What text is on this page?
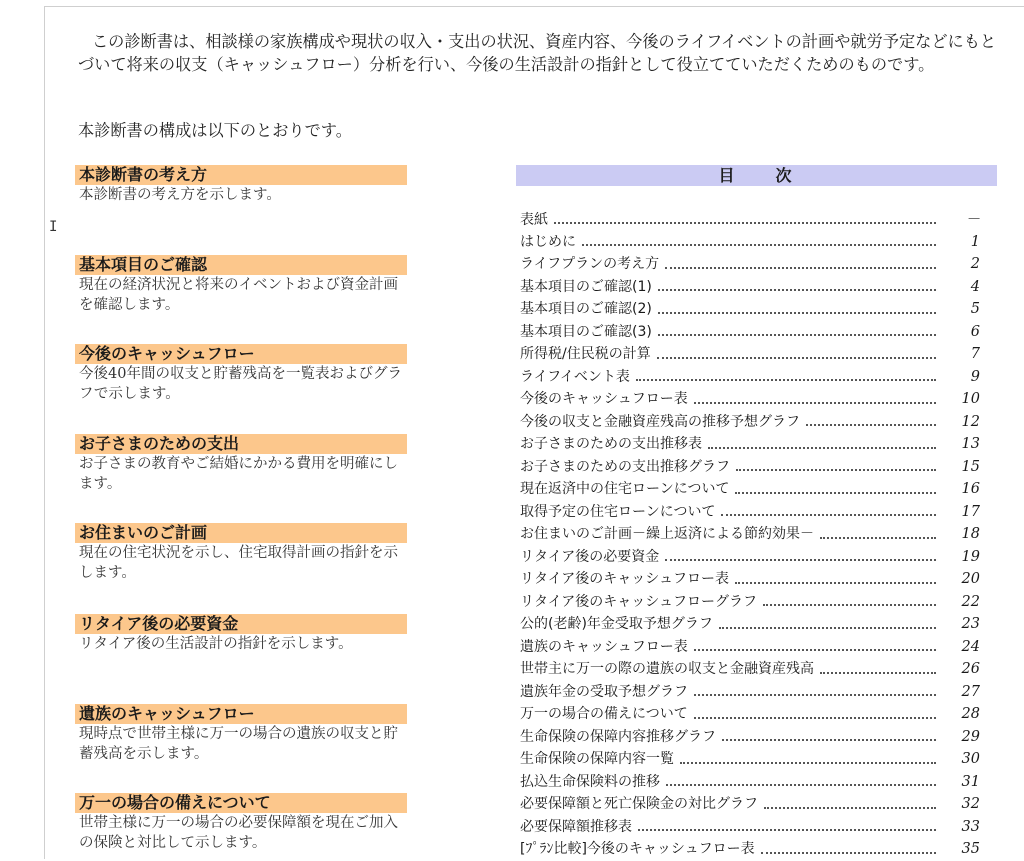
この診断書は、相談様の家族構成や現状の収入・支出の状況、資産内容、今後のライフイベントの計画や就労予定などにもとづいて将来の収支（キャッシュフロー）分析を行い、今後の生活設計の指針として役立てていただくためのものです。

本診断書の構成は以下のとおりです。

I
本診断書の考え方

本診断書の考え方を示します。

基本項目のご確認

現在の経済状況と将来のイベントおよび資金計画を確認します。

今後のキャッシュフロー

今後40年間の収支と貯蓄残高を一覧表およびグラフで示します。

お子さまのための支出

お子さまの教育やご結婚にかかる費用を明確にします。

お住まいのご計画

現在の住宅状況を示し、住宅取得計画の指針を示します。

リタイア後の必要資金

リタイア後の生活設計の指針を示します。

遺族のキャッシュフロー

現時点で世帯主様に万一の場合の遺族の収支と貯蓄残高を示します。

万一の場合の備えについて

世帯主様に万一の場合の必要保障額を現在ご加入の保険と対比して示します。

目　　次
表紙	－
はじめに	1
ライフプランの考え方	2
基本項目のご確認(1)	4
基本項目のご確認(2)	5
基本項目のご確認(3)	6
所得税/住民税の計算	7
ライフイベント表	9
今後のキャッシュフロー表	10
今後の収支と金融資産残高の推移予想グラフ	12
お子さまのための支出推移表	13
お子さまのための支出推移グラフ	15
現在返済中の住宅ローンについて	16
取得予定の住宅ローンについて	17
お住まいのご計画－繰上返済による節約効果－	18
リタイア後の必要資金	19
リタイア後のキャッシュフロー表	20
リタイア後のキャッシュフローグラフ	22
公的(老齢)年金受取予想グラフ	23
遺族のキャッシュフロー表	24
世帯主に万一の際の遺族の収支と金融資産残高	26
遺族年金の受取予想グラフ	27
万一の場合の備えについて	28
生命保険の保障内容推移グラフ	29
生命保険の保障内容一覧	30
払込生命保険料の推移	31
必要保障額と死亡保険金の対比グラフ	32
必要保障額推移表	33
[ﾌﾟﾗﾝ比較]今後のキャッシュフロー表	35
